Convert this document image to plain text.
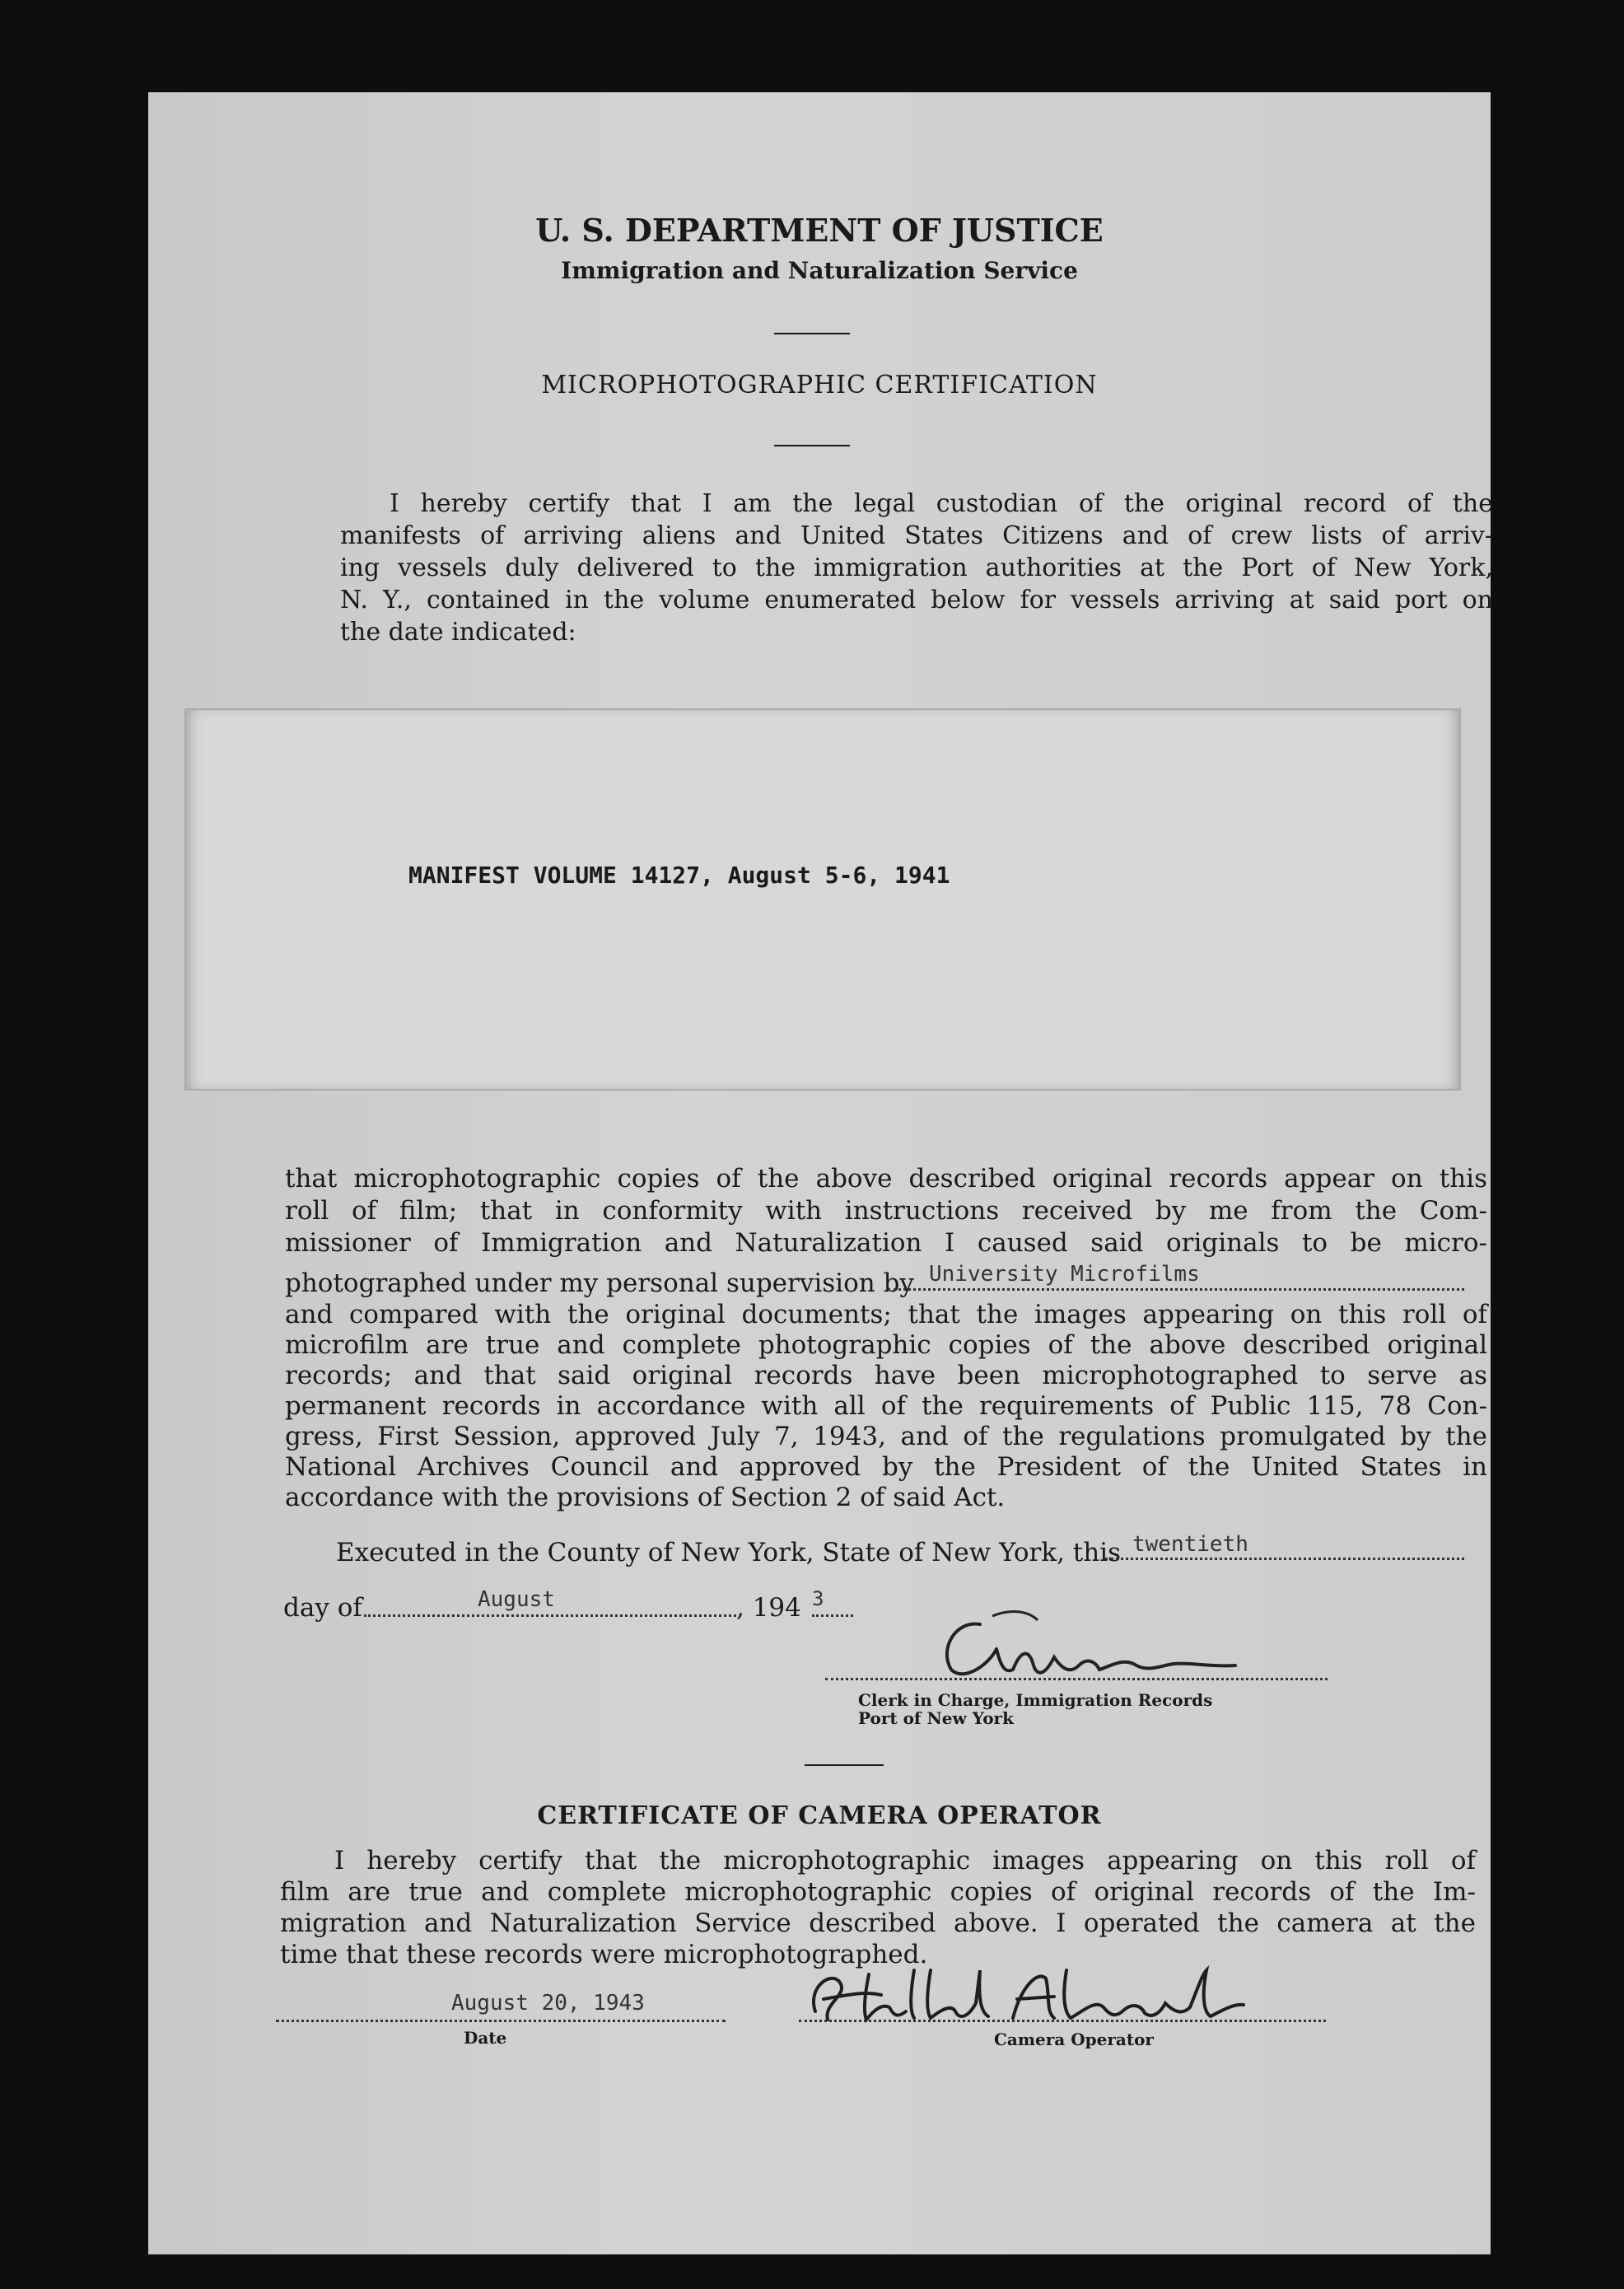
U. S. DEPARTMENT OF JUSTICE
Immigration and Naturalization Service
MICROPHOTOGRAPHIC CERTIFICATION
I hereby certify that I am the legal custodian of the original record of the
manifests of arriving aliens and United States Citizens and of crew lists of arriv-
ing vessels duly delivered to the immigration authorities at the Port of New York,
N. Y., contained in the volume enumerated below for vessels arriving at said port on
the date indicated:
MANIFEST VOLUME 14127, August 5-6, 1941
that microphotographic copies of the above described original records appear on this
roll of film; that in conformity with instructions received by me from the Com-
missioner of Immigration and Naturalization I caused said originals to be micro-
photographed under my personal supervision by University Microfilms
and compared with the original documents; that the images appearing on this roll of
microfilm are true and complete photographic copies of the above described original
records; and that said original records have been microphotographed to serve as
permanent records in accordance with all of the requirements of Public 115, 78 Con-
gress, First Session, approved July 7, 1943, and of the regulations promulgated by the
National Archives Council and approved by the President of the United States in
accordance with the provisions of Section 2 of said Act.
Executed in the County of New York, State of New York, this twentieth
day of	August	, 194 3
Clerk in Charge, Immigration Records
Port of New York
CERTIFICATE OF CAMERA OPERATOR
I hereby certify that the microphotographic images appearing on this roll of
film are true and complete microphotographic copies of original records of the Im-
migration and Naturalization Service described above. I operated the camera at the
time that these records were microphotographed.
August 20, 1943
Date	Camera Operator
